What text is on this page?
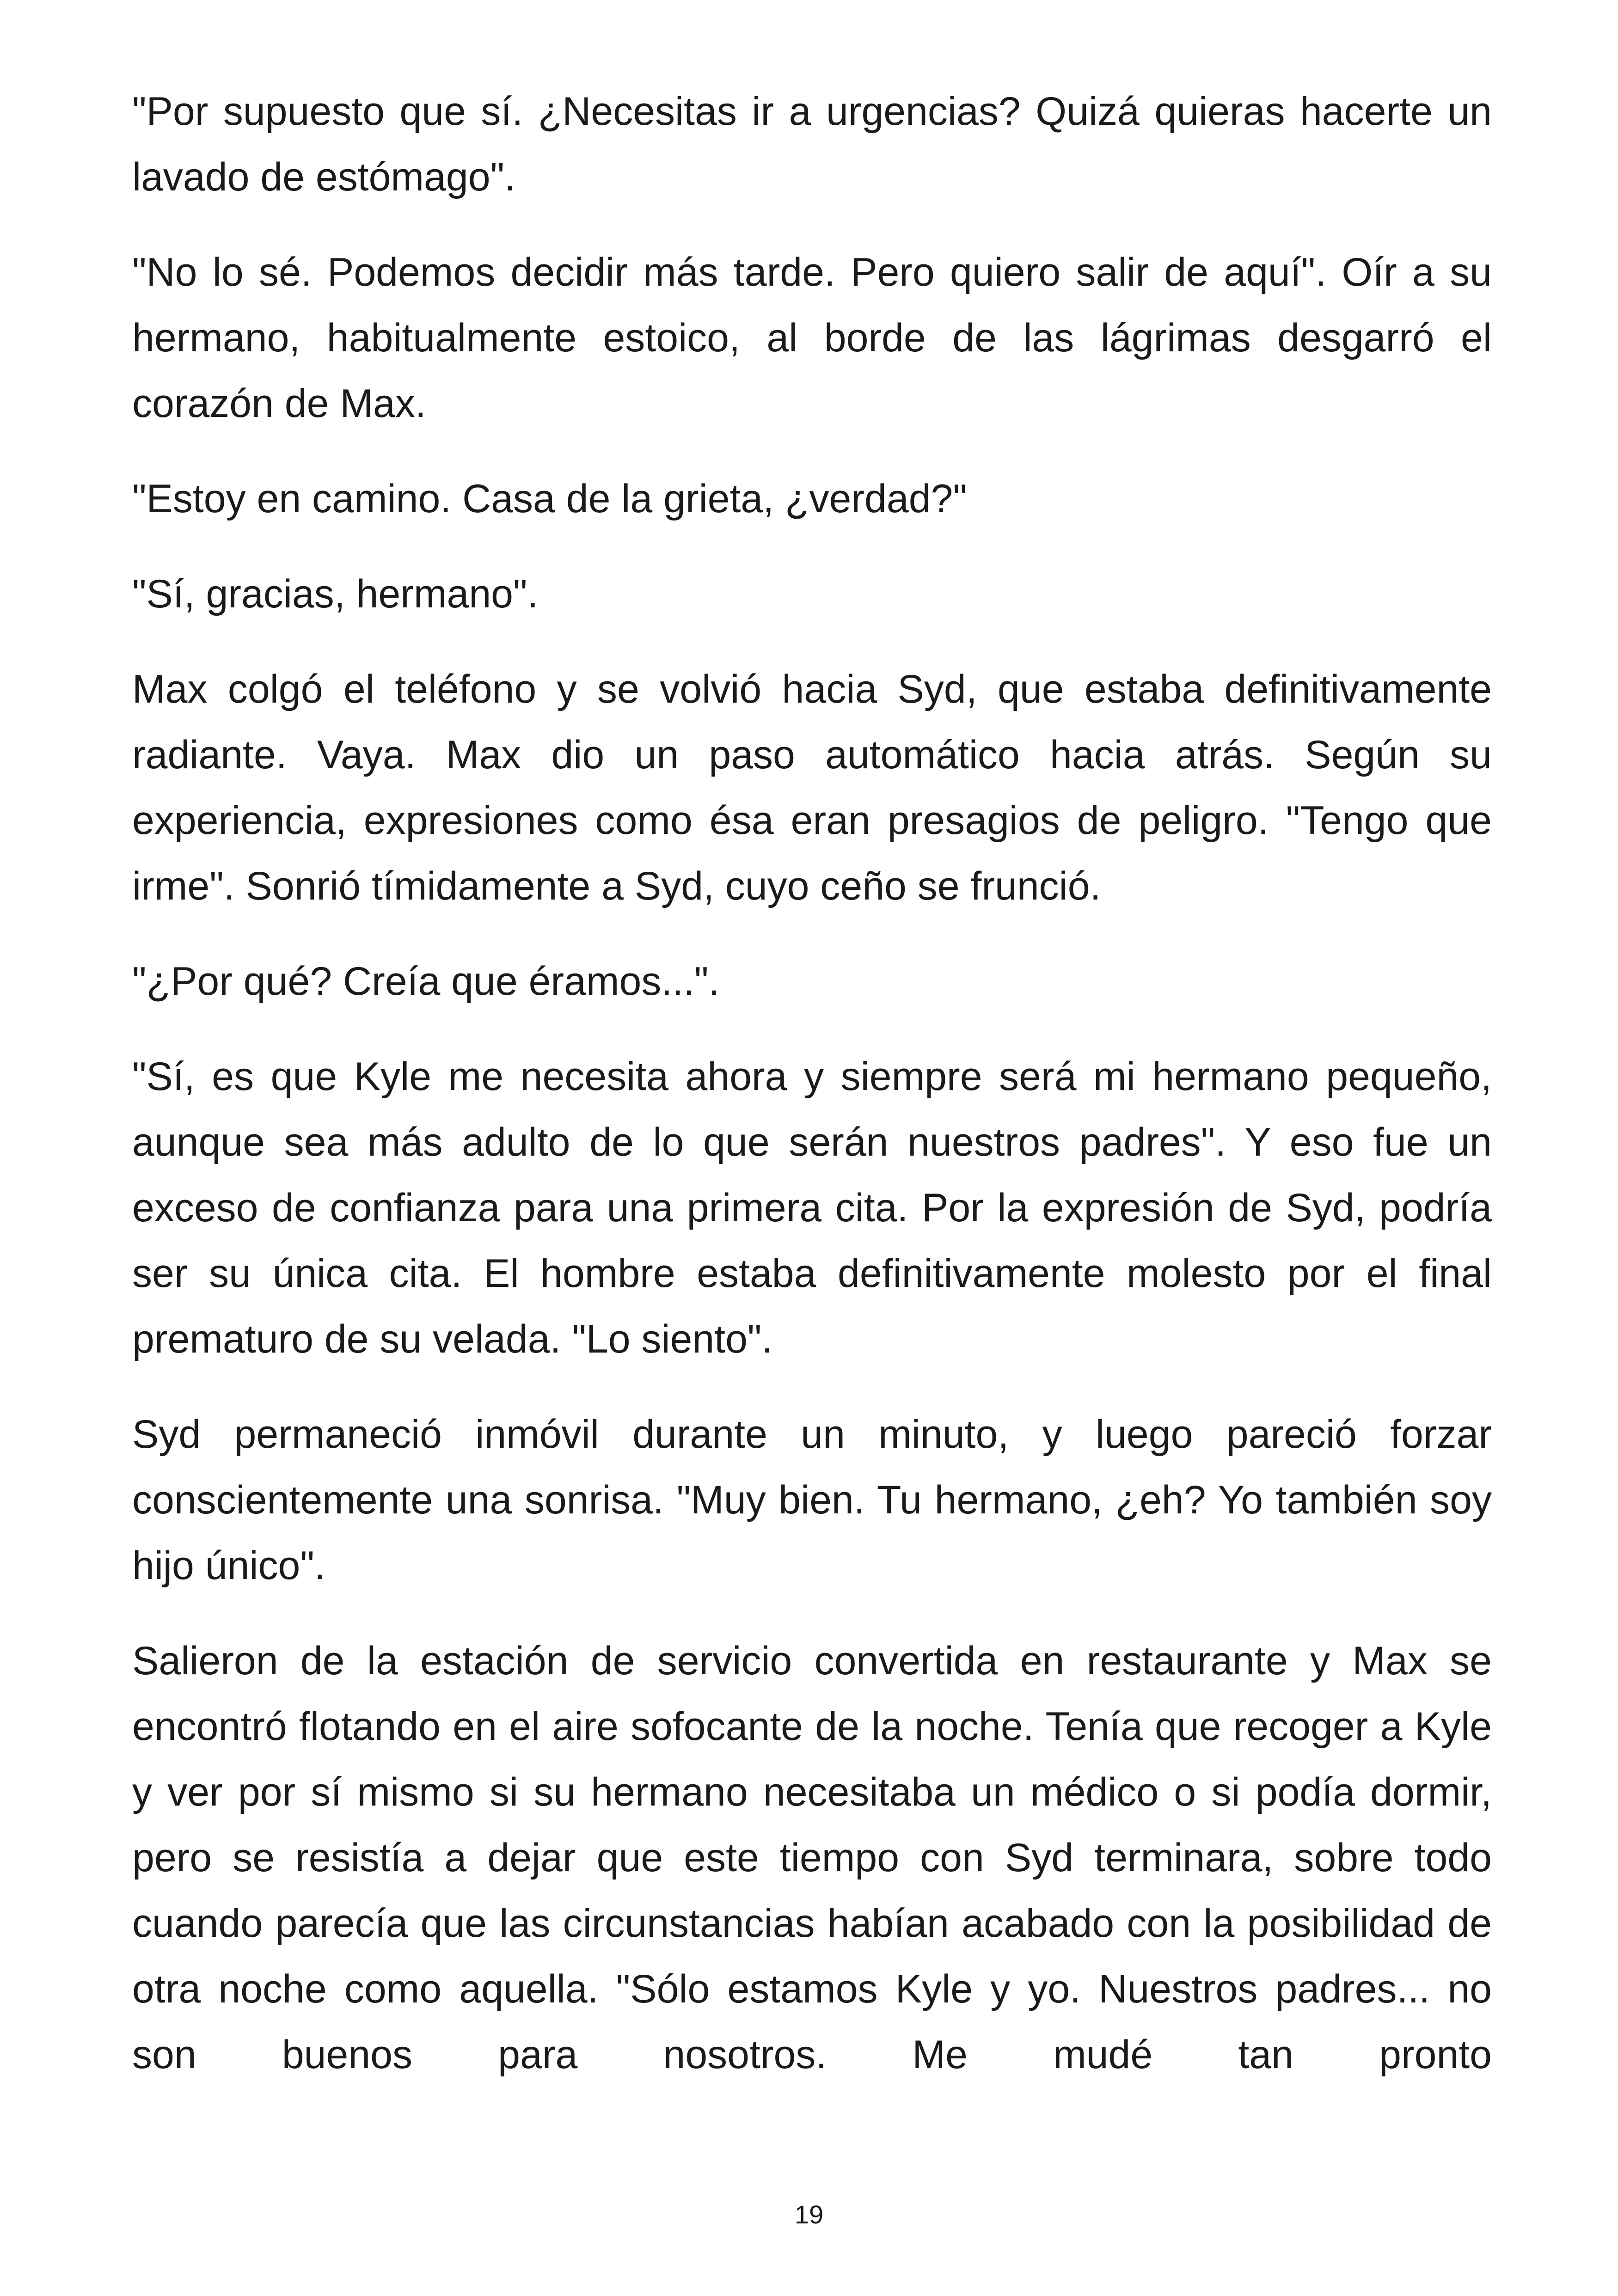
"Por supuesto que sí. ¿Necesitas ir a urgencias? Quizá quieras hacerte un lavado de estómago".

"No lo sé. Podemos decidir más tarde. Pero quiero salir de aquí". Oír a su hermano, habitualmente estoico, al borde de las lágrimas desgarró el corazón de Max.

"Estoy en camino. Casa de la grieta, ¿verdad?"

"Sí, gracias, hermano".

Max colgó el teléfono y se volvió hacia Syd, que estaba definitivamente radiante. Vaya. Max dio un paso automático hacia atrás. Según su experiencia, expresiones como ésa eran presagios de peligro. "Tengo que irme". Sonrió tímidamente a Syd, cuyo ceño se frunció.

"¿Por qué? Creía que éramos...".

"Sí, es que Kyle me necesita ahora y siempre será mi hermano pequeño, aunque sea más adulto de lo que serán nuestros padres". Y eso fue un exceso de confianza para una primera cita. Por la expresión de Syd, podría ser su única cita. El hombre estaba definitivamente molesto por el final prematuro de su velada. "Lo siento".

Syd permaneció inmóvil durante un minuto, y luego pareció forzar conscientemente una sonrisa. "Muy bien. Tu hermano, ¿eh? Yo también soy hijo único".

Salieron de la estación de servicio convertida en restaurante y Max se encontró flotando en el aire sofocante de la noche. Tenía que recoger a Kyle y ver por sí mismo si su hermano necesitaba un médico o si podía dormir, pero se resistía a dejar que este tiempo con Syd terminara, sobre todo cuando parecía que las circunstancias habían acabado con la posibilidad de otra noche como aquella. "Sólo estamos Kyle y yo. Nuestros padres... no son buenos para nosotros. Me mudé tan pronto

19
